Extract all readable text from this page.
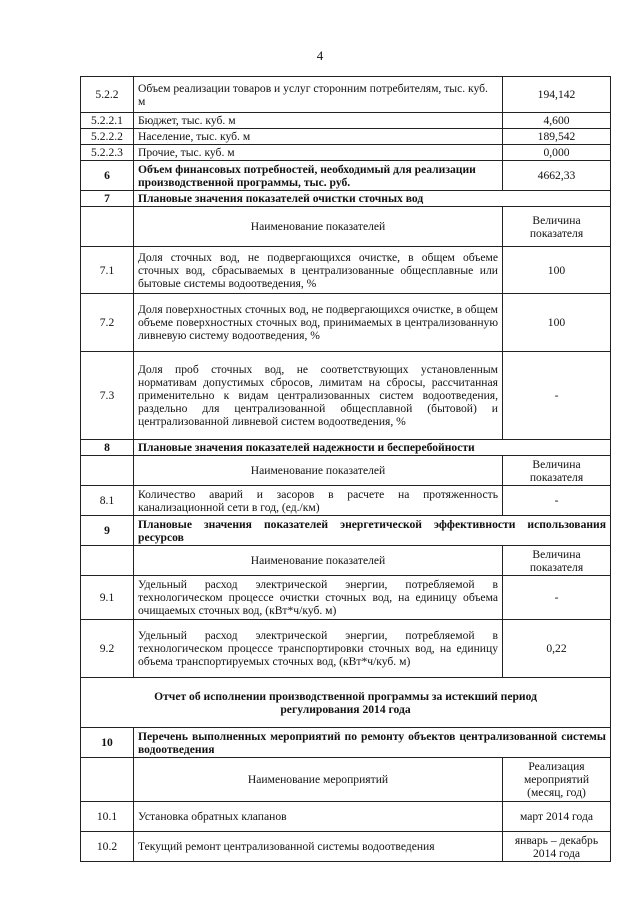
4
5.2.2	Объем реализации товаров и услуг сторонним потребителям, тыс. куб. м	194,142
5.2.2.1	Бюджет, тыс. куб. м	4,600
5.2.2.2	Население, тыс. куб. м	189,542
5.2.2.3	Прочие, тыс. куб. м	0,000
6	Объем финансовых потребностей, необходимый для реализации производственной программы, тыс. руб.	4662,33
7	Плановые значения показателей очистки сточных вод	
	Наименование показателей	Величина показателя
7.1	Доля сточных вод, не подвергающихся очистке, в общем объеме сточных вод, сбрасываемых в централизованные общесплавные или бытовые системы водоотведения, %	100
7.2	Доля поверхностных сточных вод, не подвергающихся очистке, в общем объеме поверхностных сточных вод, принимаемых в централизованную ливневую систему водоотведения, %	100
7.3	Доля проб сточных вод, не соответствующих установленным нормативам допустимых сбросов, лимитам на сбросы, рассчитанная применительно к видам централизованных систем водоотведения, раздельно для централизованной общесплавной (бытовой) и централизованной ливневой систем водоотведения, %	-
8	Плановые значения показателей надежности и бесперебойности	
	Наименование показателей	Величина показателя
8.1	Количество аварий и засоров в расчете на протяженность канализационной сети в год, (ед./км)	-
9	Плановые значения показателей энергетической эффективности использования ресурсов	
	Наименование показателей	Величина показателя
9.1	Удельный расход электрической энергии, потребляемой в технологическом процессе очистки сточных вод, на единицу объема очищаемых сточных вод, (кВт*ч/куб. м)	-
9.2	Удельный расход электрической энергии, потребляемой в технологическом процессе транспортировки сточных вод, на единицу объема транспортируемых сточных вод, (кВт*ч/куб. м)	0,22
Отчет об исполнении производственной программы за истекший период регулирования 2014 года		
10	Перечень выполненных мероприятий по ремонту объектов централизованной системы водоотведения	
	Наименование мероприятий	Реализация мероприятий (месяц, год)
10.1	Установка обратных клапанов	март 2014 года
10.2	Текущий ремонт централизованной системы водоотведения	январь – декабрь 2014 года
